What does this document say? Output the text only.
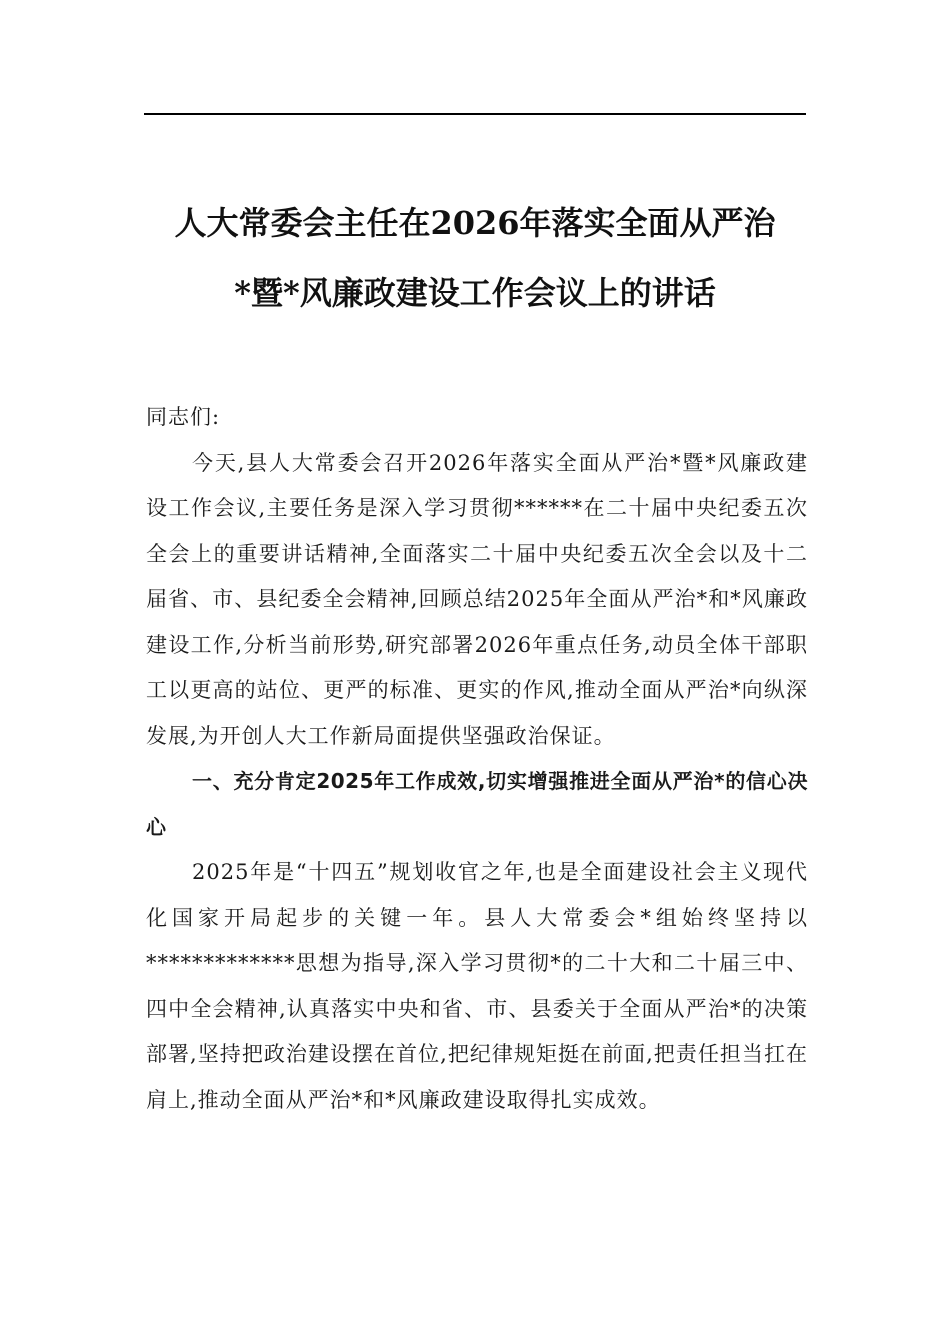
人大常委会主任在2026年落实全面从严治
*暨*风廉政建设工作会议上的讲话

同志们:

今天,县人大常委会召开2026年落实全面从严治*暨*风廉政建设工作会议,主要任务是深入学习贯彻******在二十届中央纪委五次全会上的重要讲话精神,全面落实二十届中央纪委五次全会以及十二届省、市、县纪委全会精神,回顾总结2025年全面从严治*和*风廉政建设工作,分析当前形势,研究部署2026年重点任务,动员全体干部职工以更高的站位、更严的标准、更实的作风,推动全面从严治*向纵深发展,为开创人大工作新局面提供坚强政治保证。

一、充分肯定2025年工作成效,切实增强推进全面从严治*的信心决心

2025年是“十四五”规划收官之年,也是全面建设社会主义现代化国家开局起步的关键一年。县人大常委会*组始终坚持以*************思想为指导,深入学习贯彻*的二十大和二十届三中、四中全会精神,认真落实中央和省、市、县委关于全面从严治*的决策部署,坚持把政治建设摆在首位,把纪律规矩挺在前面,把责任担当扛在肩上,推动全面从严治*和*风廉政建设取得扎实成效。
